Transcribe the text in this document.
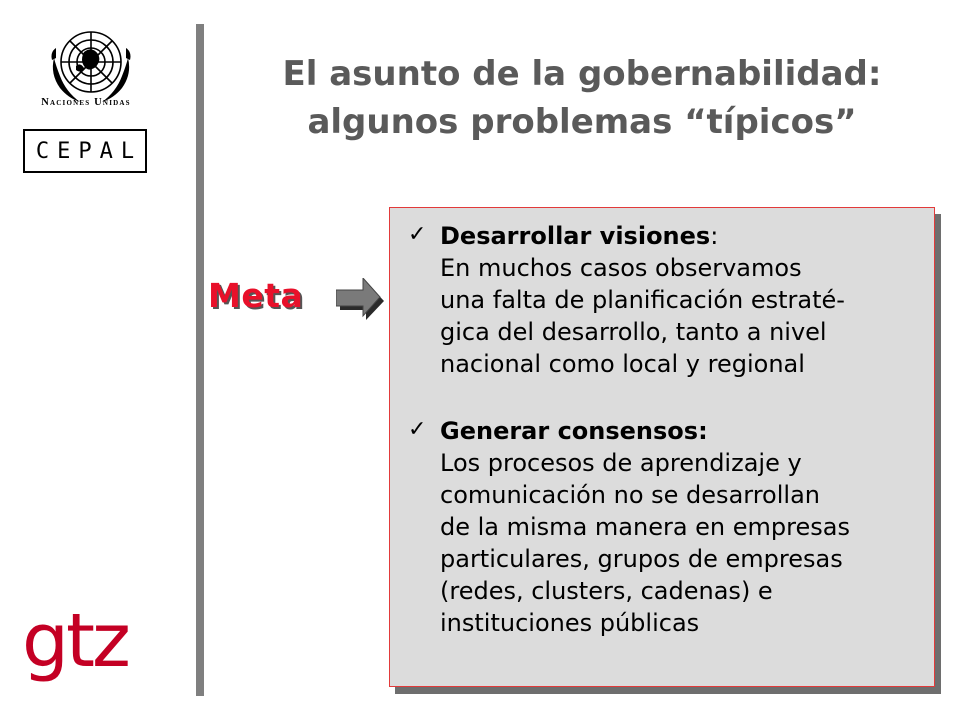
Naciones Unidas
CEPAL
gtz
El asunto de la gobernabilidad:
algunos problemas “típicos”
Meta
✓ Desarrollar visiones:
En muchos casos observamos
una falta de planificación estraté-
gica del desarrollo, tanto a nivel
nacional como local y regional
✓ Generar consensos:
Los procesos de aprendizaje y
comunicación no se desarrollan
de la misma manera en empresas
particulares, grupos de empresas
(redes, clusters, cadenas) e
instituciones públicas
